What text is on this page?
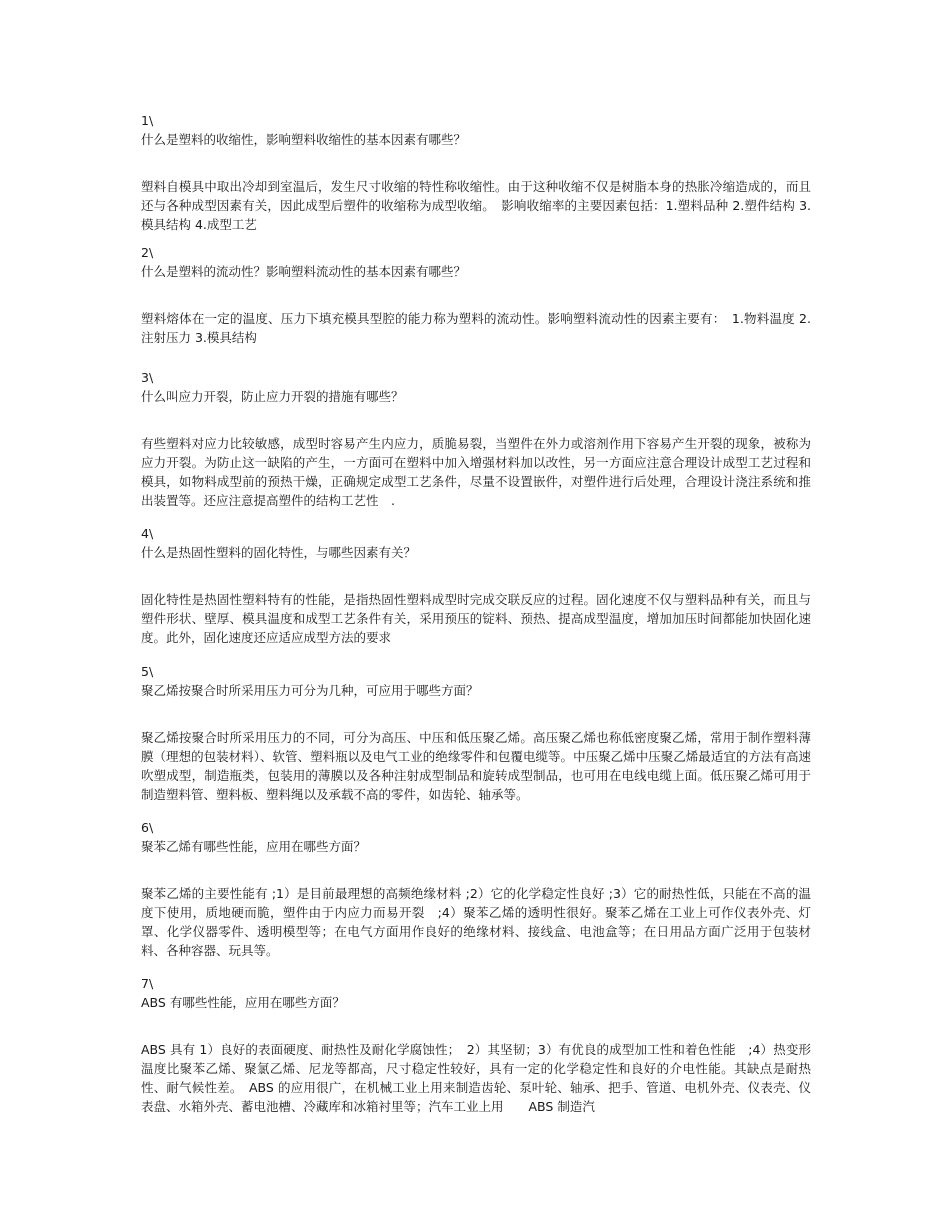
1\

什么是塑料的收缩性，影响塑料收缩性的基本因素有哪些？

塑料自模具中取出冷却到室温后，发生尺寸收缩的特性称收缩性。由于这种收缩不仅是树脂本身的热胀冷缩造成的，而且还与各种成型因素有关，因此成型后塑件的收缩称为成型收缩。　影响收缩率的主要因素包括：1.塑料品种 2.塑件结构 3.模具结构 4.成型工艺

2\

什么是塑料的流动性？影响塑料流动性的基本因素有哪些？

塑料熔体在一定的温度、压力下填充模具型腔的能力称为塑料的流动性。影响塑料流动性的因素主要有：　1.物料温度 2.注射压力 3.模具结构

3\

什么叫应力开裂，防止应力开裂的措施有哪些？

有些塑料对应力比较敏感，成型时容易产生内应力，质脆易裂，当塑件在外力或溶剂作用下容易产生开裂的现象，被称为应力开裂。为防止这一缺陷的产生，一方面可在塑料中加入增强材料加以改性，另一方面应注意合理设计成型工艺过程和模具，如物料成型前的预热干燥，正确规定成型工艺条件，尽量不设置嵌件，对塑件进行后处理，合理设计浇注系统和推出装置等。还应注意提高塑件的结构工艺性　.

4\

什么是热固性塑料的固化特性，与哪些因素有关？

固化特性是热固性塑料特有的性能，是指热固性塑料成型时完成交联反应的过程。固化速度不仅与塑料品种有关，而且与塑件形状、壁厚、模具温度和成型工艺条件有关，采用预压的锭料、预热、提高成型温度，增加加压时间都能加快固化速度。此外，固化速度还应适应成型方法的要求

5\

聚乙烯按聚合时所采用压力可分为几种，可应用于哪些方面？

聚乙烯按聚合时所采用压力的不同，可分为高压、中压和低压聚乙烯。高压聚乙烯也称低密度聚乙烯，常用于制作塑料薄膜（理想的包装材料）、软管、塑料瓶以及电气工业的绝缘零件和包覆电缆等。中压聚乙烯中压聚乙烯最适宜的方法有高速吹塑成型，制造瓶类，包装用的薄膜以及各种注射成型制品和旋转成型制品，也可用在电线电缆上面。低压聚乙烯可用于制造塑料管、塑料板、塑料绳以及承载不高的零件，如齿轮、轴承等。

6\

聚苯乙烯有哪些性能，应用在哪些方面？

聚苯乙烯的主要性能有 ;1）是目前最理想的高频绝缘材料 ;2）它的化学稳定性良好 ;3）它的耐热性低，只能在不高的温度下使用，质地硬而脆，塑件由于内应力而易开裂　;4）聚苯乙烯的透明性很好。聚苯乙烯在工业上可作仪表外壳、灯罩、化学仪器零件、透明模型等；在电气方面用作良好的绝缘材料、接线盒、电池盒等；在日用品方面广泛用于包装材料、各种容器、玩具等。

7\

ABS 有哪些性能，应用在哪些方面？

ABS 具有 1）良好的表面硬度、耐热性及耐化学腐蚀性；　2）其坚韧；3）有优良的成型加工性和着色性能　;4）热变形温度比聚苯乙烯、聚氯乙烯、尼龙等都高，尺寸稳定性较好，具有一定的化学稳定性和良好的介电性能。其缺点是耐热性、耐气候性差。　ABS 的应用很广，在机械工业上用来制造齿轮、泵叶轮、轴承、把手、管道、电机外壳、仪表壳、仪表盘、水箱外壳、蓄电池槽、冷藏库和冰箱衬里等；汽车工业上用　　ABS 制造汽
